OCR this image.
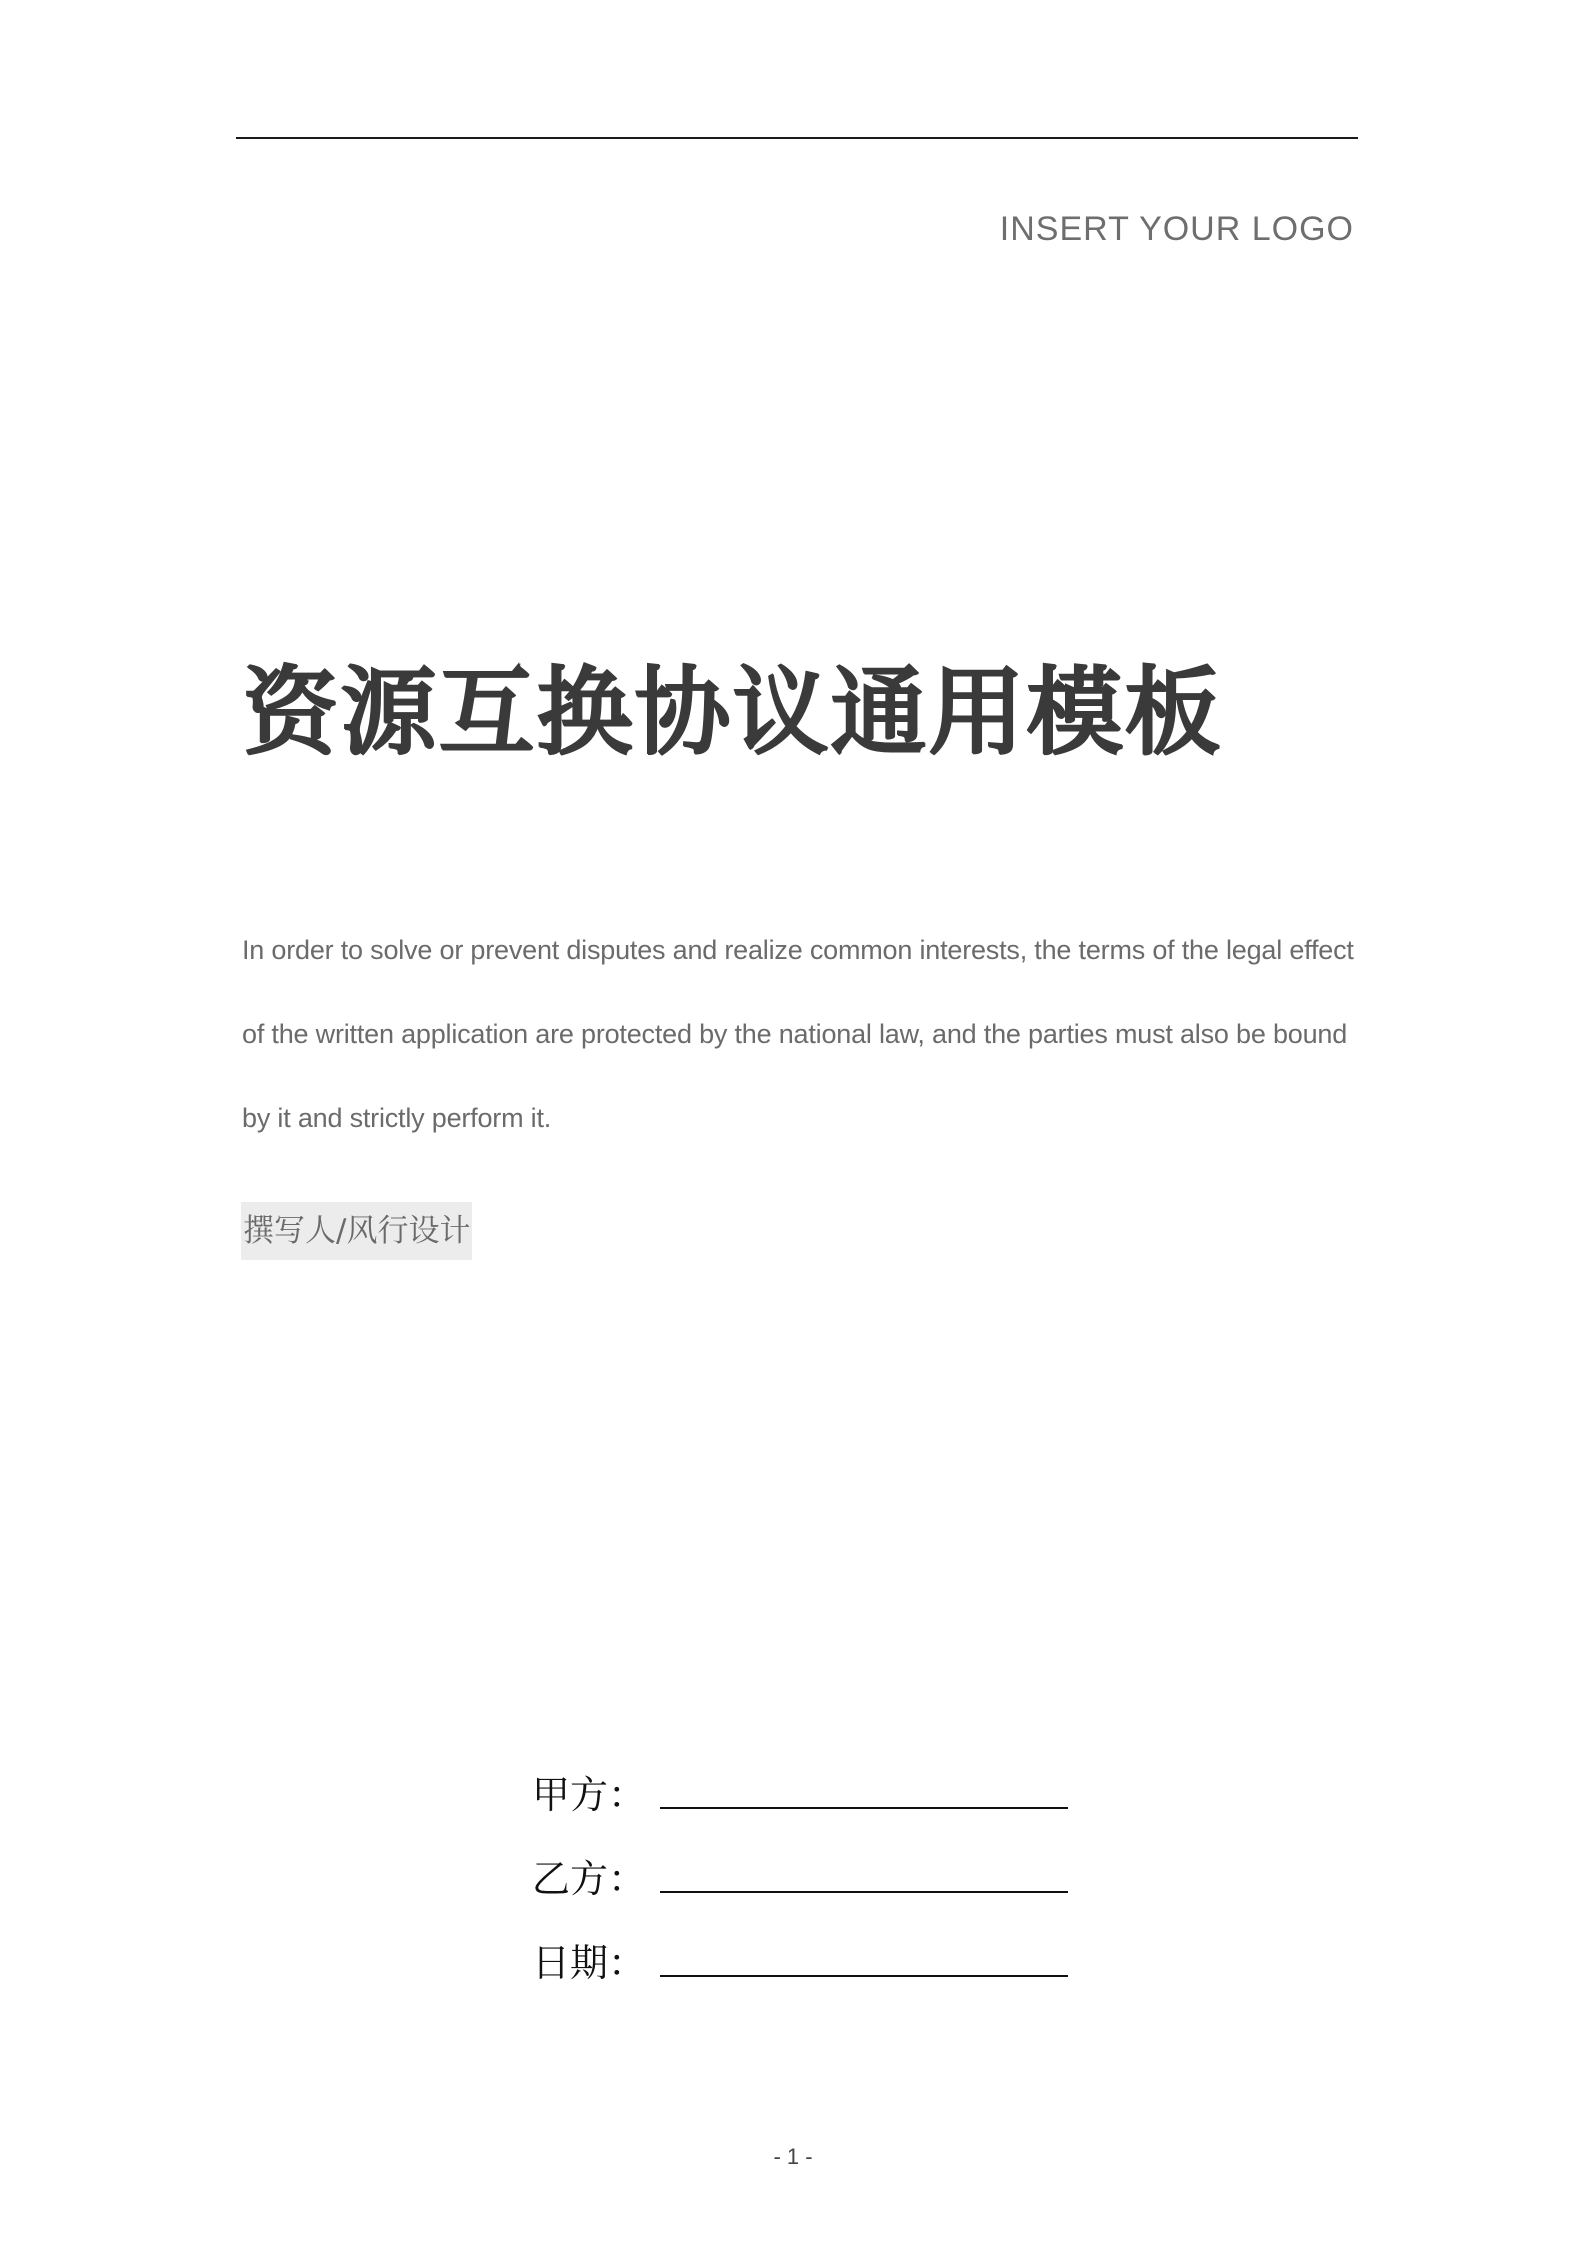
INSERT YOUR LOGO
资源互换协议通用模板
In order to solve or prevent disputes and realize common interests, the terms of the legal effect of the written application are protected by the national law, and the parties must also be bound by it and strictly perform it.
撰写人/风行设计
甲方：
乙方：
日期：
- 1 -
